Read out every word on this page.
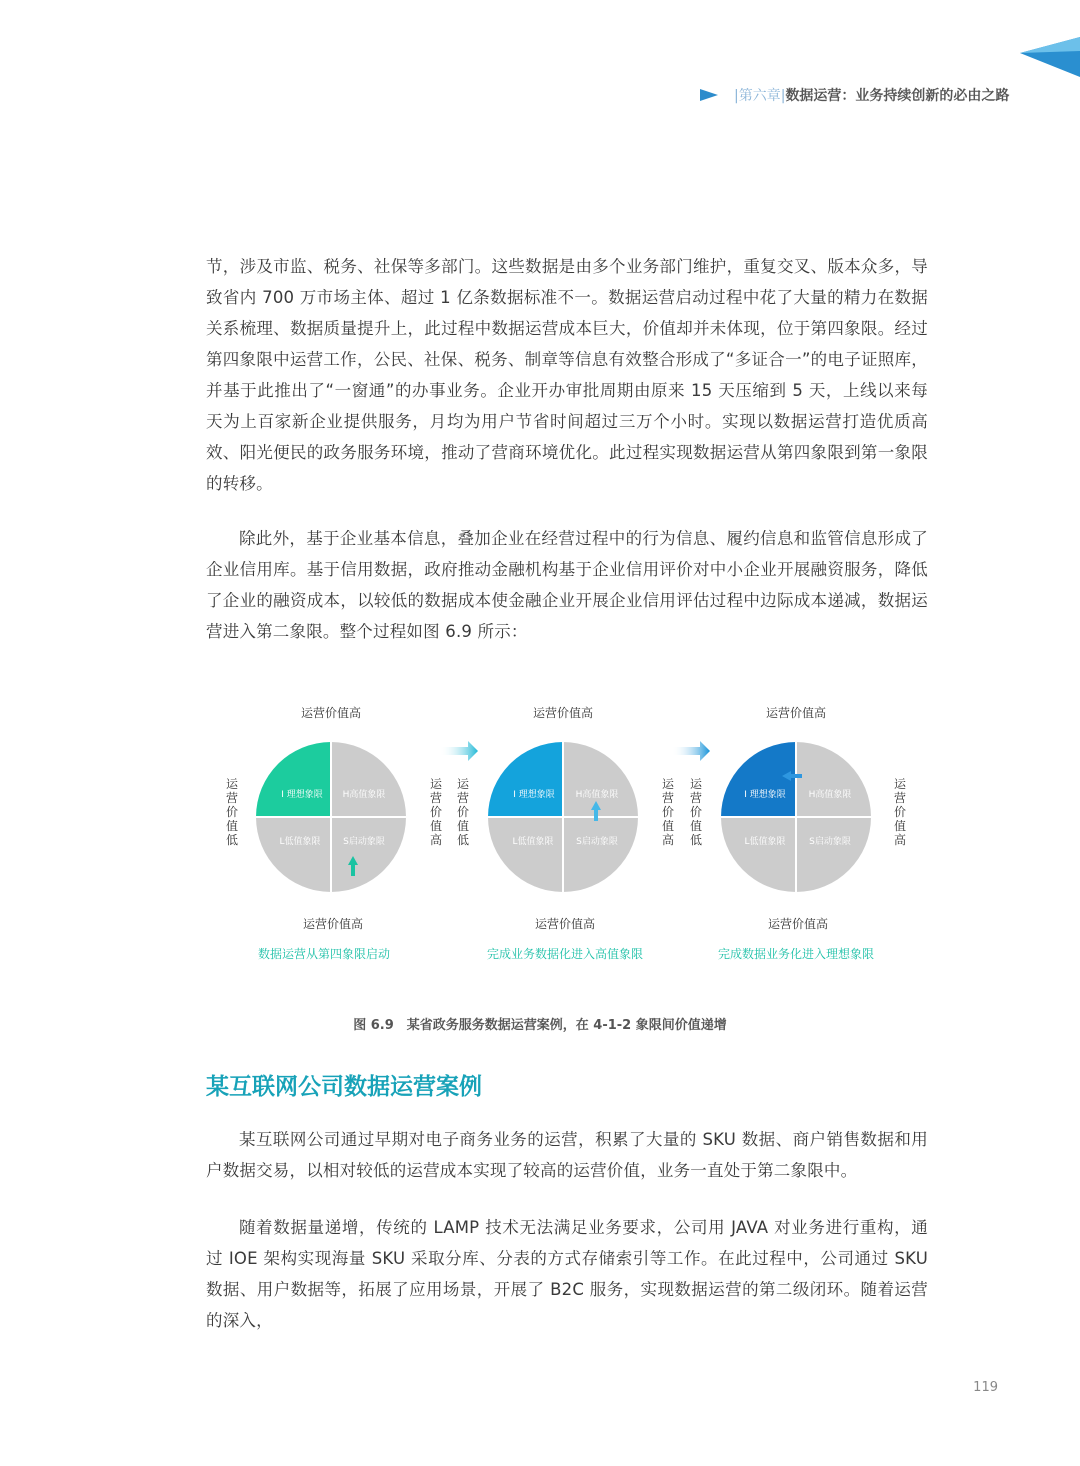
|第六章| 数据运营：业务持续创新的必由之路

节，涉及市监、税务、社保等多部门。这些数据是由多个业务部门维护，重复交叉、版本众多，导致省内 700 万市场主体、超过 1 亿条数据标准不一。数据运营启动过程中花了大量的精力在数据关系梳理、数据质量提升上，此过程中数据运营成本巨大，价值却并未体现，位于第四象限。经过第四象限中运营工作，公民、社保、税务、制章等信息有效整合形成了“多证合一”的电子证照库，并基于此推出了“一窗通”的办事业务。企业开办审批周期由原来 15 天压缩到 5 天，上线以来每天为上百家新企业提供服务，月均为用户节省时间超过三万个小时。实现以数据运营打造优质高效、阳光便民的政务服务环境，推动了营商环境优化。此过程实现数据运营从第四象限到第一象限的转移。

除此外，基于企业基本信息，叠加企业在经营过程中的行为信息、履约信息和监管信息形成了企业信用库。基于信用数据，政府推动金融机构基于企业信用评价对中小企业开展融资服务，降低了企业的融资成本，以较低的数据成本使金融企业开展企业信用评估过程中边际成本递减，数据运营进入第二象限。整个过程如图 6.9 所示：

I 理想象限 H高值象限
L低值象限	S启动象限
运营价值高
运营价值高
运营价值低
运营价值高
数据运营从第四象限启动
I 理想象限 H高值象限
L低值象限	S启动象限
运营价值高
运营价值高
运营价值低
运营价值高
完成业务数据化进入高值象限
I 理想象限	H高值象限
L低值象限	S启动象限
运营价值高
运营价值高
运营价值低
运营价值高
完成数据业务化进入理想象限
图 6.9　某省政务服务数据运营案例，在 4-1-2 象限间价值递增
某互联网公司数据运营案例

某互联网公司通过早期对电子商务业务的运营，积累了大量的 SKU 数据、商户销售数据和用户数据交易，以相对较低的运营成本实现了较高的运营价值，业务一直处于第二象限中。

随着数据量递增，传统的 LAMP 技术无法满足业务要求，公司用 JAVA 对业务进行重构，通过 IOE 架构实现海量 SKU 采取分库、分表的方式存储索引等工作。在此过程中，公司通过 SKU 数据、用户数据等，拓展了应用场景，开展了 B2C 服务，实现数据运营的第二级闭环。随着运营的深入，

119
